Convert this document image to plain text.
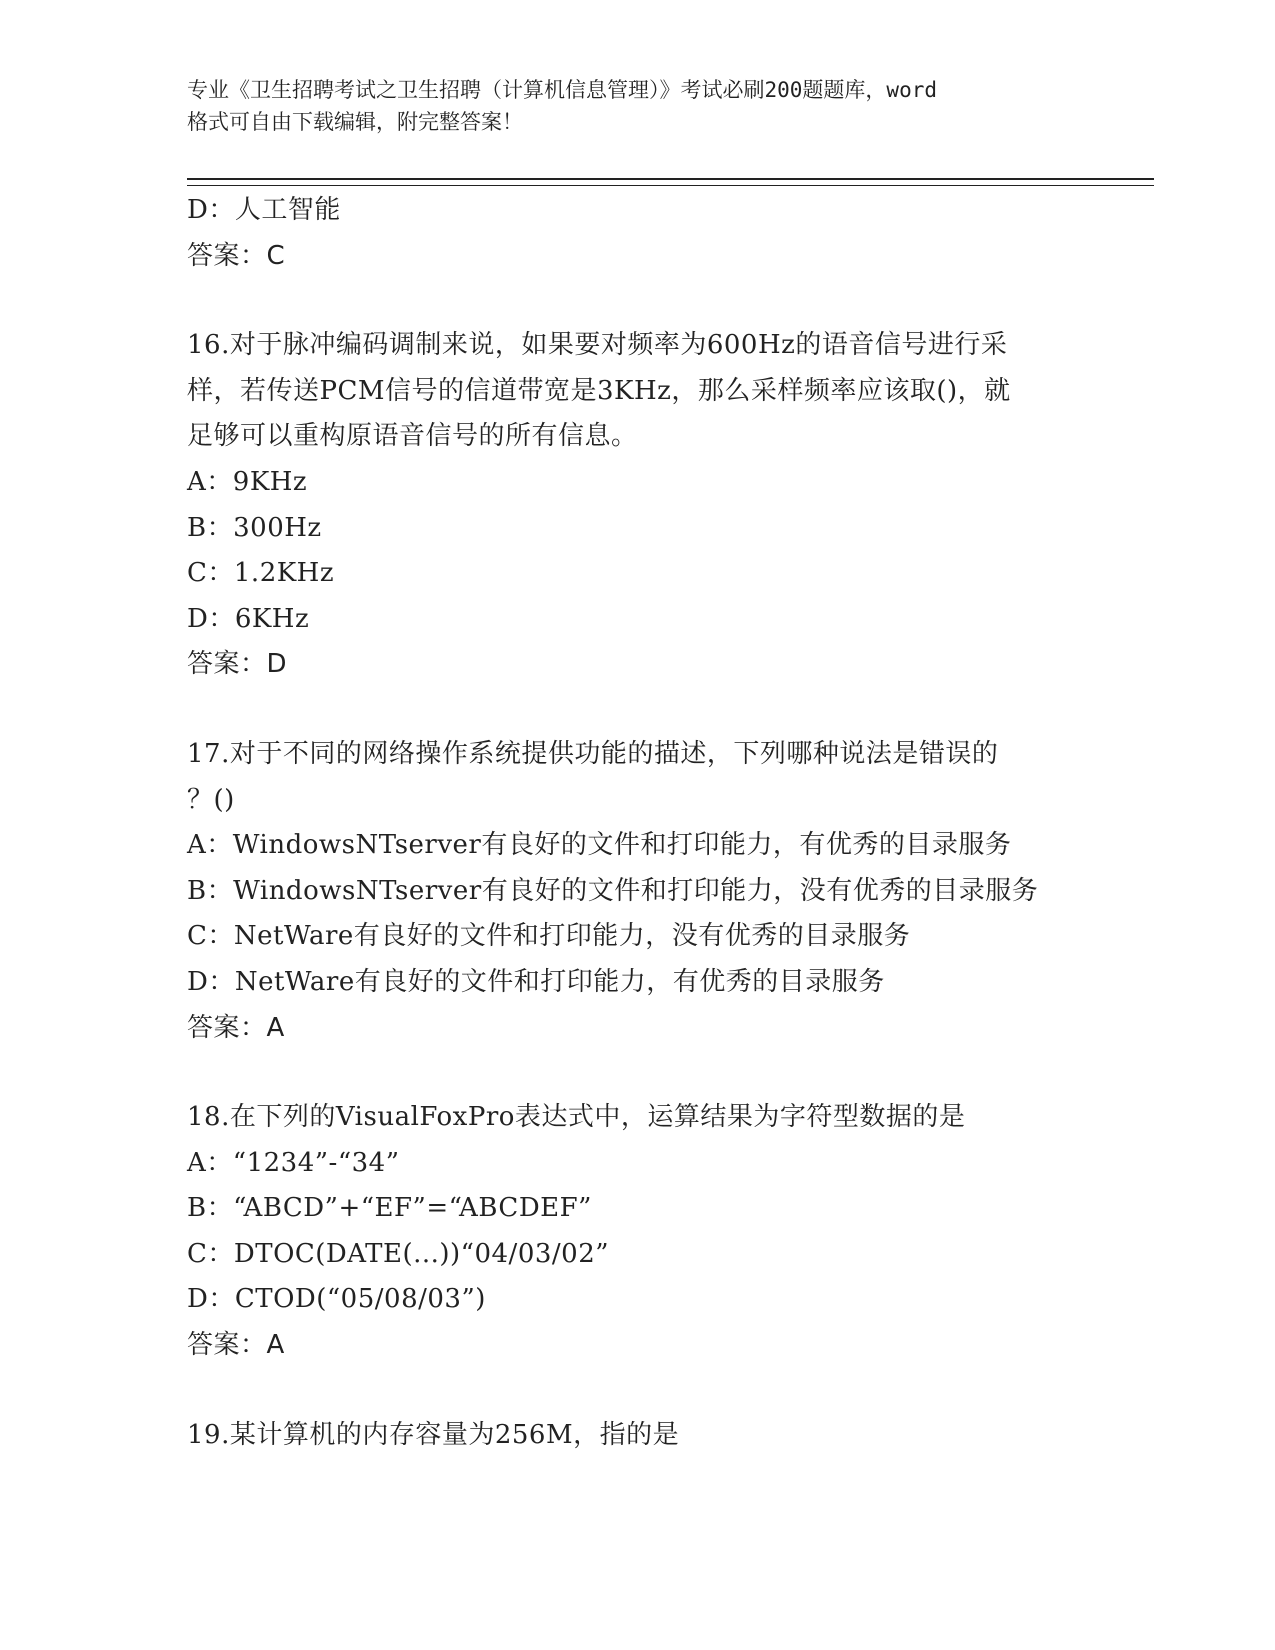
专业《卫生招聘考试之卫生招聘（计算机信息管理）》考试必刷200题题库，word
格式可自由下载编辑，附完整答案！
D：人工智能
答案：C
16.对于脉冲编码调制来说，如果要对频率为600Hz的语音信号进行采
样，若传送PCM信号的信道带宽是3KHz，那么采样频率应该取()，就
足够可以重构原语音信号的所有信息。
A：9KHz
B：300Hz
C：1.2KHz
D：6KHz
答案：D
17.对于不同的网络操作系统提供功能的描述，下列哪种说法是错误的
？()
A：WindowsNTserver有良好的文件和打印能力，有优秀的目录服务
B：WindowsNTserver有良好的文件和打印能力，没有优秀的目录服务
C：NetWare有良好的文件和打印能力，没有优秀的目录服务
D：NetWare有良好的文件和打印能力，有优秀的目录服务
答案：A
18.在下列的VisualFoxPro表达式中，运算结果为字符型数据的是
A：“1234”-“34”
B：“ABCD”+“EF”=“ABCDEF”
C：DTOC(DATE(...))“04/03/02”
D：CTOD(“05/08/03”)
答案：A
19.某计算机的内存容量为256M，指的是
